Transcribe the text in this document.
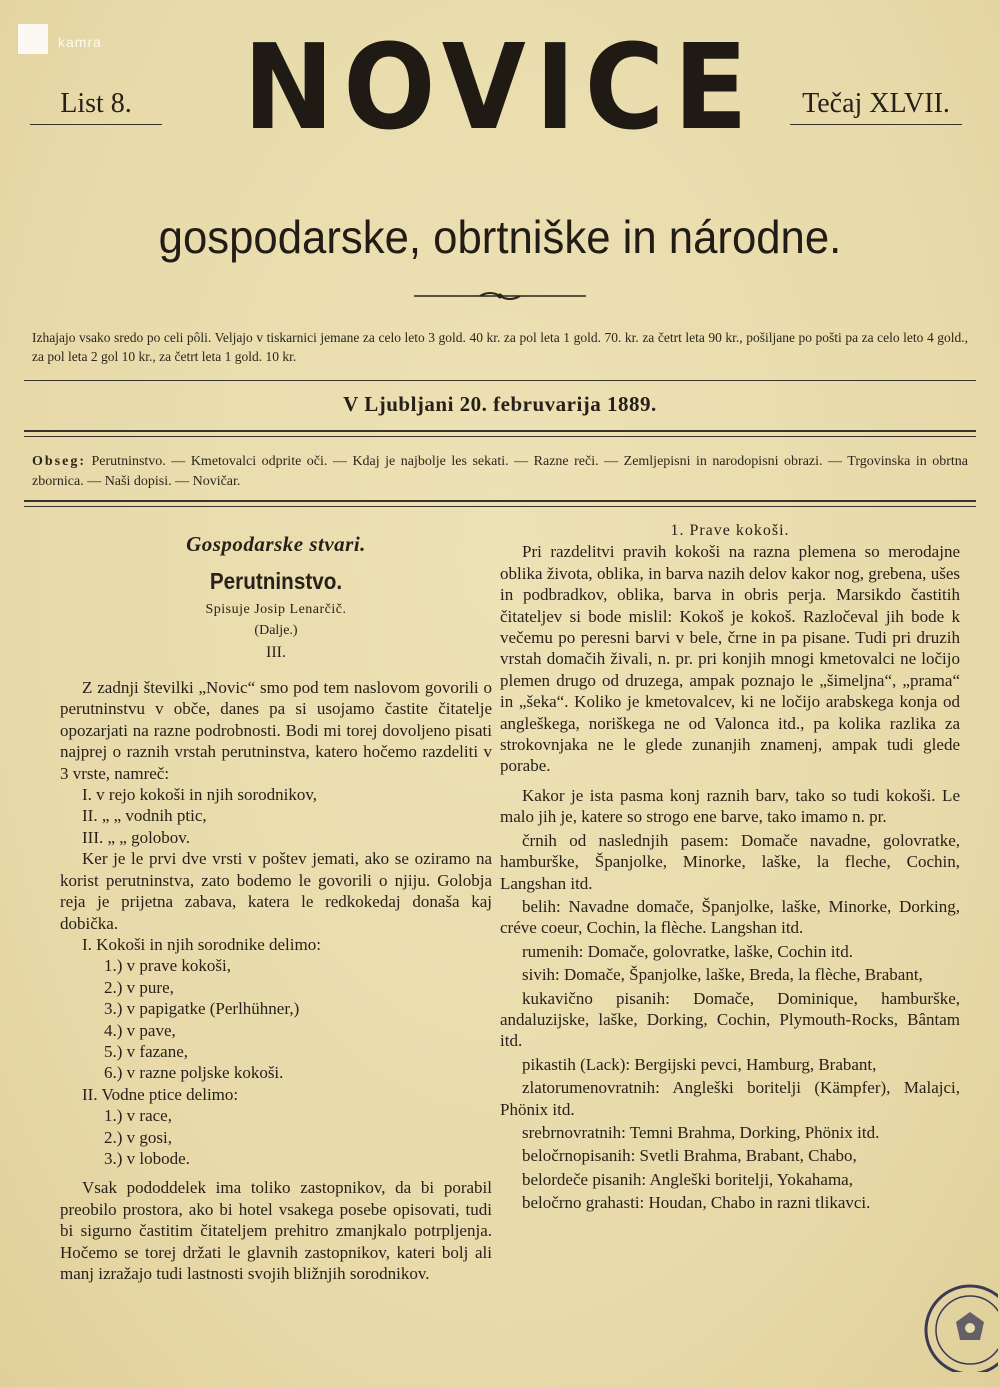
kamra
List 8. NOVICE	Tečaj XLVII.
gospodarske, obrtniške in národne.
Izhajajo vsako sredo po celi pôli. Veljajo v tiskarnici jemane za celo leto 3 gold. 40 kr. za pol leta 1 gold. 70. kr. za četrt leta 90 kr., pošiljane po pošti pa za celo leto 4 gold., za pol leta 2 gol 10 kr., za četrt leta 1 gold. 10 kr.
V Ljubljani 20. februvarija 1889.
Obseg: Perutninstvo. — Kmetovalci odprite oči. — Kdaj je najbolje les sekati. — Razne reči. — Zemljepisni in narodopisni obrazi. — Trgovinska in obrtna zbornica. — Naši dopisi. — Novičar.

Gospodarske stvari.

Perutninstvo.

Spisuje Josip Lenarčič.

(Dalje.)

III.

Z zadnji številki „Novic“ smo pod tem naslovom govorili o perutninstvu v obče, danes pa si usojamo častite čitatelje opozarjati na razne podrobnosti. Bodi mi torej dovoljeno pisati najprej o raznih vrstah perutninstva, katero hočemo razdeliti v 3 vrste, namreč:

I. v rejo kokoši in njih sorodnikov,

II. „ „ vodnih ptic,

III. „ „ golobov.

Ker je le prvi dve vrsti v poštev jemati, ako se oziramo na korist perutninstva, zato bodemo le govorili o njiju. Golobja reja je prijetna zabava, katera le redkokedaj donaša kaj dobička.

I. Kokoši in njih sorodnike delimo:

1.) v prave kokoši,

2.) v pure,

3.) v papigatke (Perlhühner,)

4.) v pave,

5.) v fazane,

6.) v razne poljske kokoši.

II. Vodne ptice delimo:

1.) v race,

2.) v gosi,

3.) v lobode.

Vsak pododdelek ima toliko zastopnikov, da bi porabil preobilo prostora, ako bi hotel vsakega posebe opisovati, tudi bi sigurno častitim čitateljem prehitro zmanjkalo potrpljenja. Hočemo se torej držati le glavnih zastopnikov, kateri bolj ali manj izražajo tudi lastnosti svojih bližnjih sorodnikov.

1. Prave kokoši.

Pri razdelitvi pravih kokoši na razna plemena so merodajne oblika života, oblika, in barva nazih delov kakor nog, grebena, ušes in podbradkov, oblika, barva in obris perja. Marsikdo častitih čitateljev si bode mislil: Kokoš je kokoš. Razločeval jih bode k večemu po peresni barvi v bele, črne in pa pisane. Tudi pri druzih vrstah domačih živali, n. pr. pri konjih mnogi kmetovalci ne ločijo plemen drugo od druzega, ampak poznajo le „šimeljna“, „prama“ in „šeka“. Koliko je kmetovalcev, ki ne ločijo arabskega konja od angleškega, noriškega ne od Valonca itd., pa kolika razlika za strokovnjaka ne le glede zunanjih znamenj, ampak tudi glede porabe.

Kakor je ista pasma konj raznih barv, tako so tudi kokoši. Le malo jih je, katere so strogo ene barve, tako imamo n. pr.

črnih od naslednjih pasem: Domače navadne, golovratke, hamburške, Španjolke, Minorke, laške, la fleche, Cochin, Langshan itd.

belih: Navadne domače, Španjolke, laške, Minorke, Dorking, créve coeur, Cochin, la flèche. Langshan itd.

rumenih: Domače, golovratke, laške, Cochin itd.

sivih: Domače, Španjolke, laške, Breda, la flèche, Brabant,

kukavično pisanih: Domače, Dominique, hamburške, andaluzijske, laške, Dorking, Cochin, Plymouth-Rocks, Bântam itd.

pikastih (Lack): Bergijski pevci, Hamburg, Brabant,

zlatorumenovratnih: Angleški boritelji (Kämpfer), Malajci, Phönix itd.

srebrnovratnih: Temni Brahma, Dorking, Phönix itd.

beločrnopisanih: Svetli Brahma, Brabant, Chabo,

belordeče pisanih: Angleški boritelji, Yokahama,

beločrno grahasti: Houdan, Chabo in razni tlikavci.
